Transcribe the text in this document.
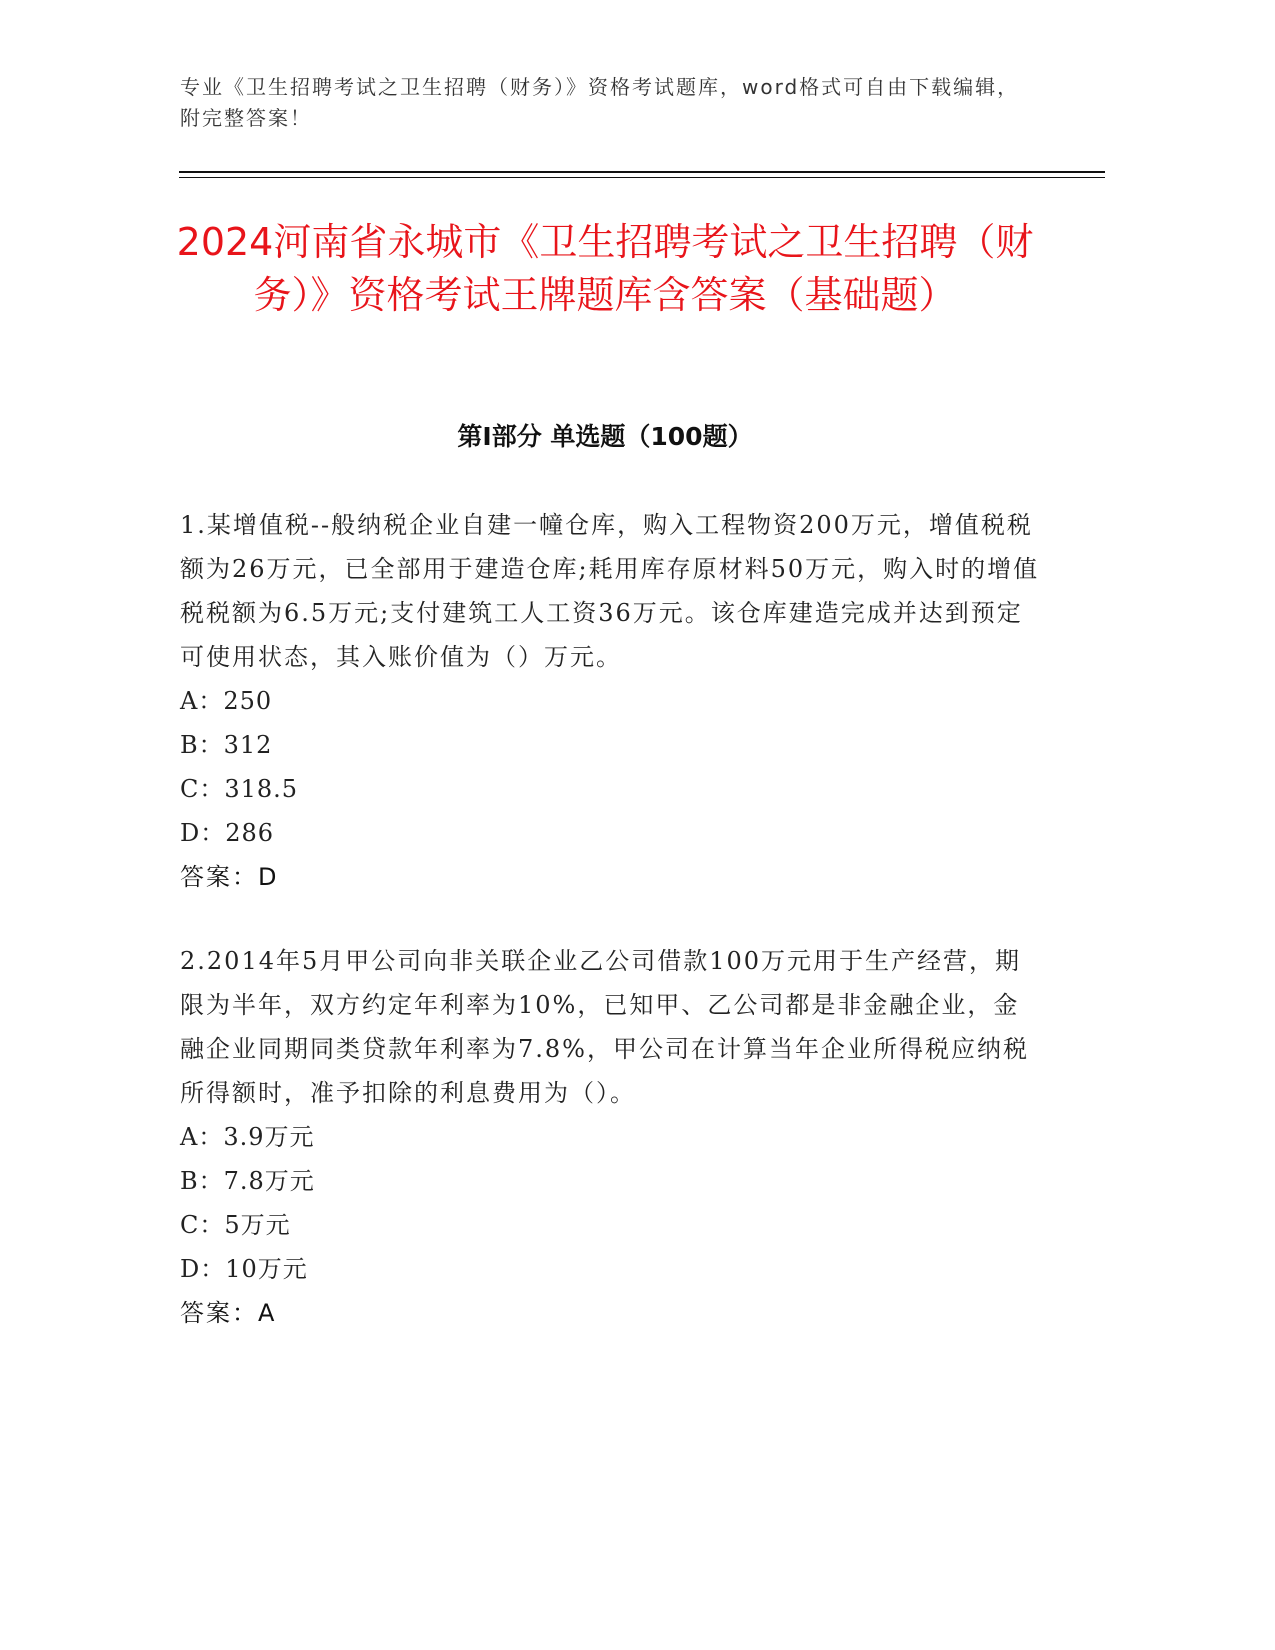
专业《卫生招聘考试之卫生招聘（财务）》资格考试题库，word格式可自由下载编辑，附完整答案！
2024河南省永城市《卫生招聘考试之卫生招聘（财务）》资格考试王牌题库含答案（基础题）
第I部分 单选题（100题）

1.某增值税--般纳税企业自建一幢仓库，购入工程物资200万元，增值税税额为26万元，已全部用于建造仓库;耗用库存原材料50万元，购入时的增值税税额为6.5万元;支付建筑工人工资36万元。该仓库建造完成并达到预定可使用状态，其入账价值为（）万元。

A：250

B：312

C：318.5

D：286

答案：D

2.2014年5月甲公司向非关联企业乙公司借款100万元用于生产经营，期限为半年，双方约定年利率为10%，已知甲、乙公司都是非金融企业，金融企业同期同类贷款年利率为7.8%，甲公司在计算当年企业所得税应纳税所得额时，准予扣除的利息费用为（）。

A：3.9万元

B：7.8万元

C：5万元

D：10万元

答案：A
